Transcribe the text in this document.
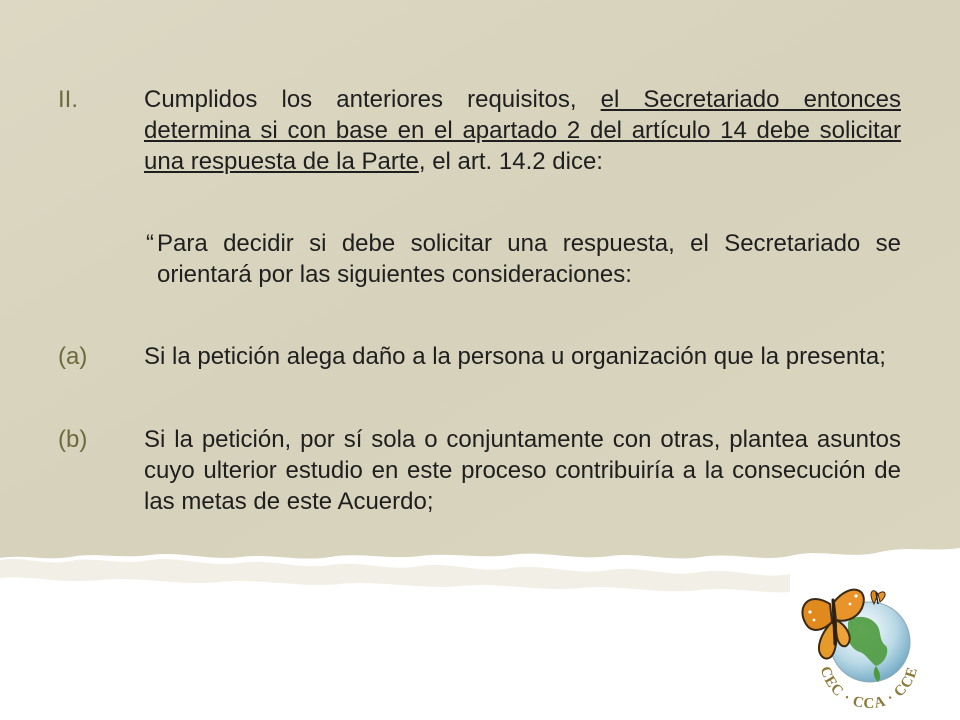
II.	Cumplidos los anteriores requisitos, el Secretariado entonces determina si con base en el apartado 2 del artículo 14 debe solicitar una respuesta de la Parte, el art. 14.2 dice:
“ Para decidir si debe solicitar una respuesta, el Secretariado se orientará por las siguientes consideraciones:
(a) Si la petición alega daño a la persona u organización que la presenta;
(b) Si la petición, por sí sola o conjuntamente con otras, plantea asuntos cuyo ulterior estudio en este proceso contribuiría a la consecución de las metas de este Acuerdo;
CEC · CCA · CCE
